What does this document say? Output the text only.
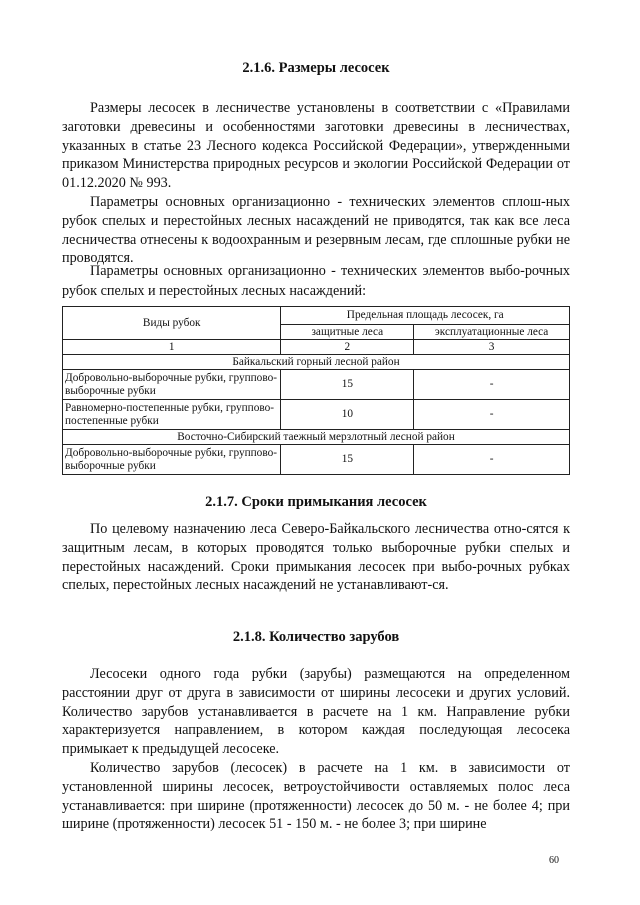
2.1.6. Размеры лесосек

Размеры лесосек в лесничестве установлены в соответствии с «Правилами заготовки древесины и особенностями заготовки древесины в лесничествах, указанных в статье 23 Лесного кодекса Российской Федерации», утвержденными приказом Министерства природных ресурсов и экологии Российской Федерации от 01.12.2020 № 993.

Параметры основных организационно - технических элементов сплош-ных рубок спелых и перестойных лесных насаждений не приводятся, так как все леса лесничества отнесены к водоохранным и резервным лесам, где сплошные рубки не проводятся.

Параметры основных организационно - технических элементов выбо-рочных рубок спелых и перестойных лесных насаждений:

Виды рубок	Предельная площадь лесосек, га	
	защитные леса	эксплуатационные леса
1	2	3
Байкальский горный лесной район		
Добровольно-выборочные рубки, группово-выборочные рубки	15	-
Равномерно-постепенные рубки, группово-постепенные рубки	10	-
Восточно-Сибирский таежный мерзлотный лесной район		
Добровольно-выборочные рубки, группово-выборочные рубки	15	-
2.1.7. Сроки примыкания лесосек

По целевому назначению леса Северо-Байкальского лесничества отно-сятся к защитным лесам, в которых проводятся только выборочные рубки спелых и перестойных насаждений. Сроки примыкания лесосек при выбо-рочных рубках спелых, перестойных лесных насаждений не устанавливают-ся.

2.1.8. Количество зарубов

Лесосеки одного года рубки (зарубы) размещаются на определенном расстоянии друг от друга в зависимости от ширины лесосеки и других условий. Количество зарубов устанавливается в расчете на 1 км. Направление рубки характеризуется направлением, в котором каждая последующая лесосека примыкает к предыдущей лесосеке.

Количество зарубов (лесосек) в расчете на 1 км. в зависимости от установленной ширины лесосек, ветроустойчивости оставляемых полос леса устанавливается: при ширине (протяженности) лесосек до 50 м. - не более 4; при ширине (протяженности) лесосек 51 - 150 м. - не более 3; при ширине

60
